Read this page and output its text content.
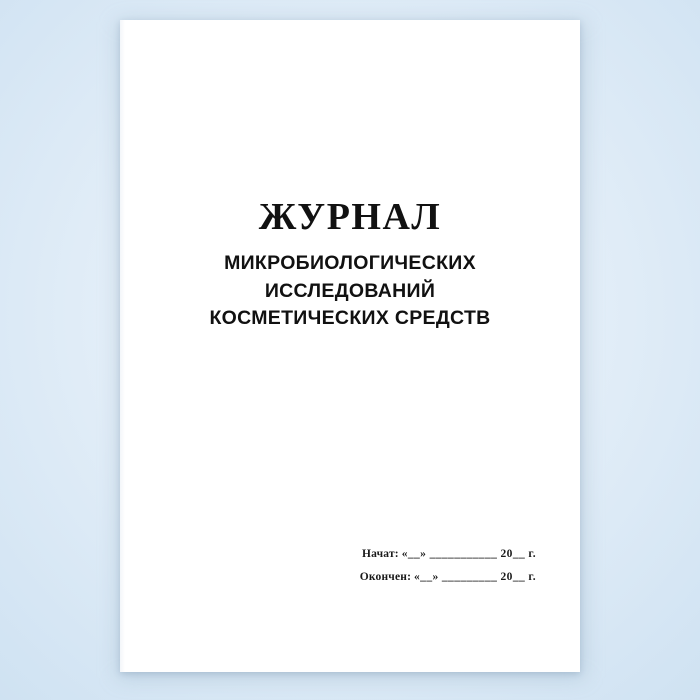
ЖУРНАЛ
МИКРОБИОЛОГИЧЕСКИХ
ИССЛЕДОВАНИЙ
КОСМЕТИЧЕСКИХ СРЕДСТВ
Начат: «__» ___________ 20__ г.
Окончен: «__» _________ 20__ г.
